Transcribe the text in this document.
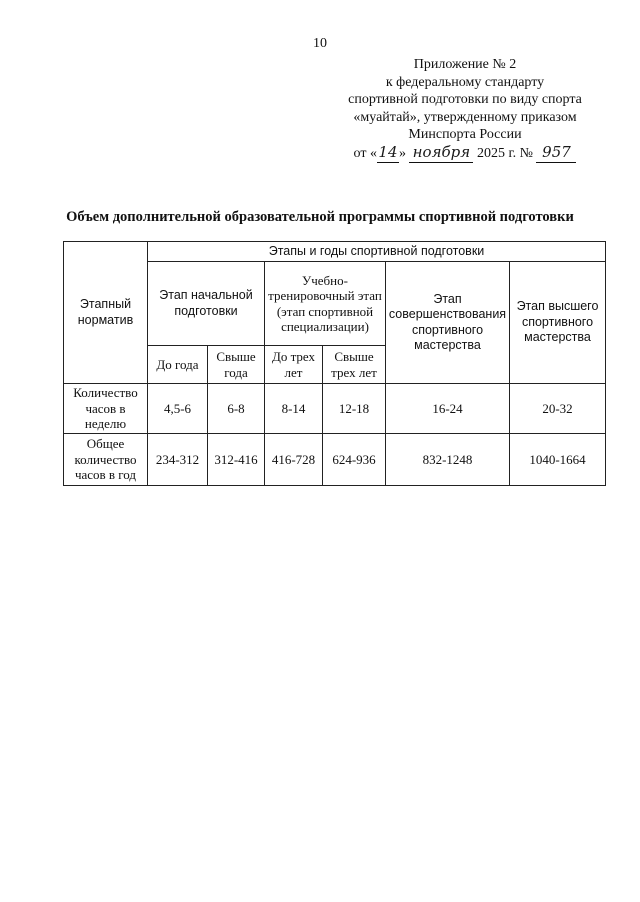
10
Приложение № 2
к федеральному стандарту
спортивной подготовки по виду спорта
«муайтай», утвержденному приказом
Минспорта России
от «14» ноября 2025 г. № 957
Объем дополнительной образовательной программы спортивной подготовки
Этапный норматив	Этапы и годы спортивной подготовки					
	Этап начальной подготовки		Учебно-тренировочный этап (этап спортивной специализации)		Этап совершенствования спортивного мастерства	Этап высшего спортивного мастерства
	До года	Свыше года	До трех лет	Свыше трех лет		
Количество часов в неделю	4,5-6	6-8	8-14	12-18	16-24	20-32
Общее количество часов в год	234-312	312-416	416-728	624-936	832-1248	1040-1664
